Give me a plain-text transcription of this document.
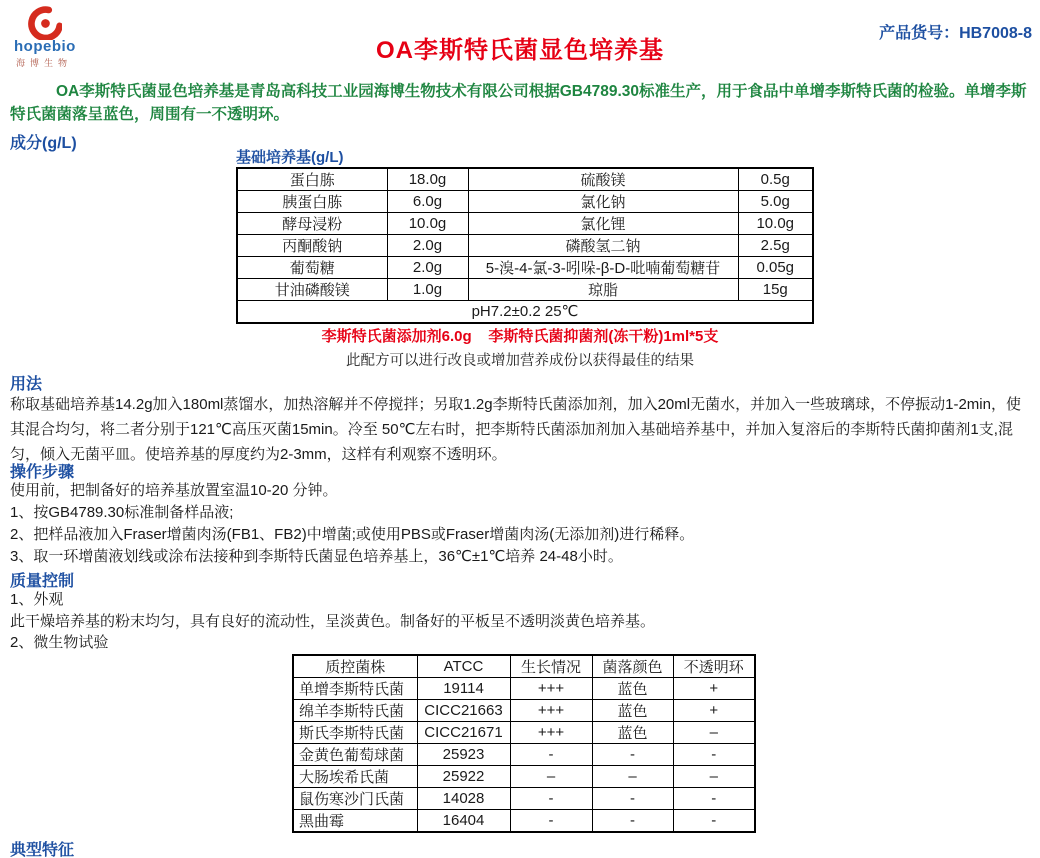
hopebio
海博生物	OA李斯特氏菌显色培养基
产品货号：HB7008-8
OA李斯特氏菌显色培养基是青岛高科技工业园海博生物技术有限公司根据GB4789.30标准生产，用于食品中单增李斯特氏菌的检验。单增李斯特氏菌菌落呈蓝色，周围有一不透明环。
成分(g/L)
基础培养基(g/L)
蛋白胨	18.0g	硫酸镁	0.5g
胰蛋白胨	6.0g	氯化钠	5.0g
酵母浸粉	10.0g	氯化锂	10.0g
丙酮酸钠	2.0g	磷酸氢二钠	2.5g
葡萄糖	2.0g	5-溴-4-氯-3-吲哚-β-D-吡喃葡萄糖苷	0.05g
甘油磷酸镁	1.0g	琼脂	15g
pH7.2±0.2 25℃			
李斯特氏菌添加剂6.0g    李斯特氏菌抑菌剂(冻干粉)1ml*5支
此配方可以进行改良或增加营养成份以获得最佳的结果
用法
称取基础培养基14.2g加入180ml蒸馏水，加热溶解并不停搅拌；另取1.2g李斯特氏菌添加剂，加入20ml无菌水，并加入一些玻璃球，不停振动1-2min，使其混合均匀，将二者分别于121℃高压灭菌15min。冷至 50℃左右时，把李斯特氏菌添加剂加入基础培养基中，并加入复溶后的李斯特氏菌抑菌剂1支,混匀，倾入无菌平皿。使培养基的厚度约为2-3mm，这样有利观察不透明环。
操作步骤
使用前，把制备好的培养基放置室温10-20 分钟。
1、按GB4789.30标准制备样品液;
2、把样品液加入Fraser增菌肉汤(FB1、FB2)中增菌;或使用PBS或Fraser增菌肉汤(无添加剂)进行稀释。
3、取一环增菌液划线或涂布法接种到李斯特氏菌显色培养基上，36℃±1℃培养 24-48小时。
质量控制
1、外观
此干燥培养基的粉末均匀，具有良好的流动性，呈淡黄色。制备好的平板呈不透明淡黄色培养基。
2、微生物试验
质控菌株	ATCC	生长情况	菌落颜色	不透明环
单增李斯特氏菌	19114	+++	蓝色	+
绵羊李斯特氏菌	CICC21663	+++	蓝色	+
斯氏李斯特氏菌	CICC21671	+++	蓝色	–
金黄色葡萄球菌	25923	-	-	-
大肠埃希氏菌	25922	–	–	–
鼠伤寒沙门氏菌	14028	-	-	-
黑曲霉	16404	-	-	-
典型特征
